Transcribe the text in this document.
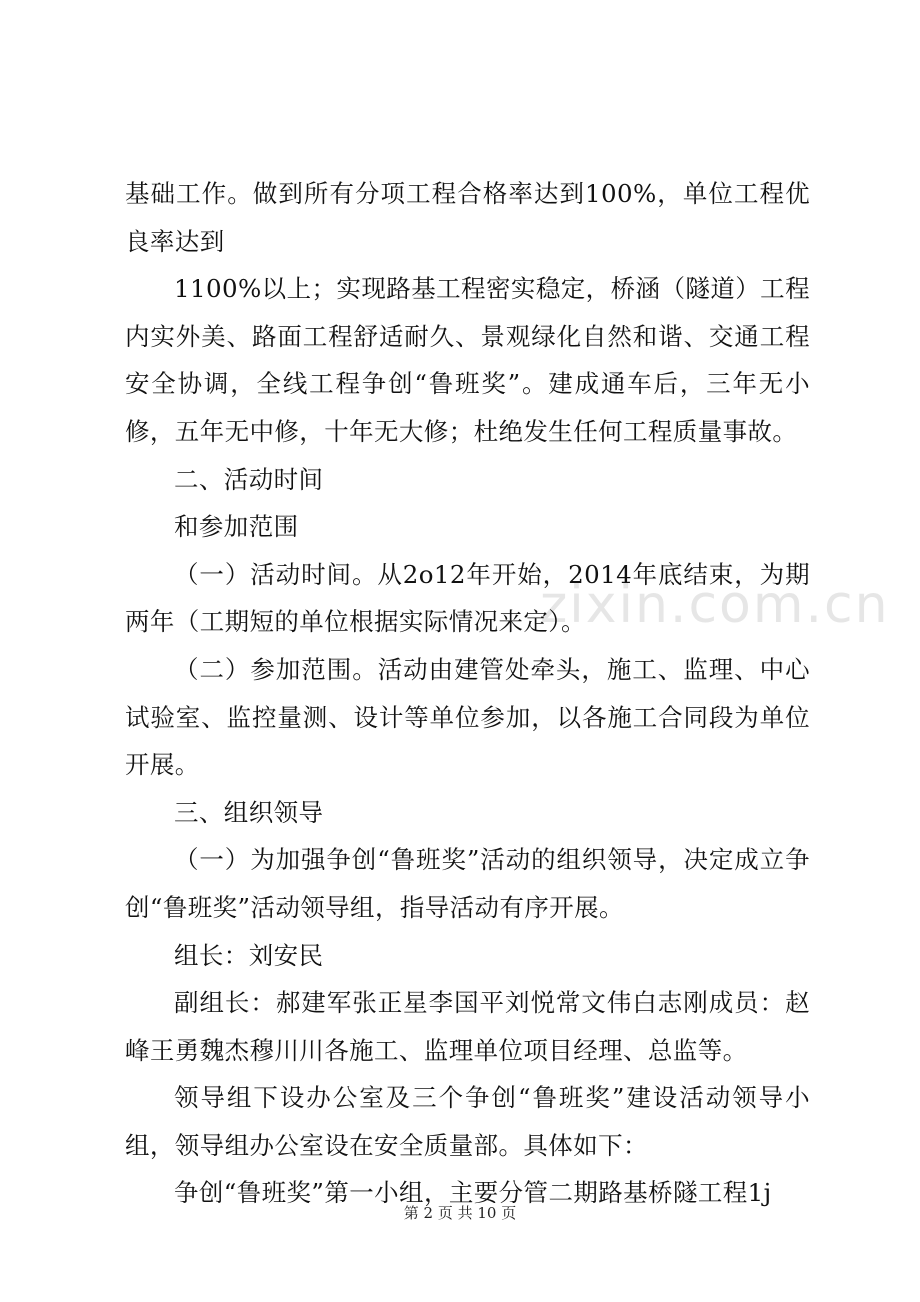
zixin.com.cn

基础工作。做到所有分项工程合格率达到100%，单位工程优良率达到

1100%以上；实现路基工程密实稳定，桥涵（隧道）工程内实外美、路面工程舒适耐久、景观绿化自然和谐、交通工程安全协调，全线工程争创“鲁班奖”。建成通车后，三年无小修，五年无中修，十年无大修；杜绝发生任何工程质量事故。

二、活动时间

和参加范围

（一）活动时间。从2o12年开始，2014年底结束，为期两年（工期短的单位根据实际情况来定）。

（二）参加范围。活动由建管处牵头，施工、监理、中心试验室、监控量测、设计等单位参加，以各施工合同段为单位开展。

三、组织领导

（一）为加强争创“鲁班奖”活动的组织领导，决定成立争创“鲁班奖”活动领导组，指导活动有序开展。

组长：刘安民

副组长：郝建军张正星李国平刘悦常文伟白志刚成员：赵峰王勇魏杰穆川川各施工、监理单位项目经理、总监等。

领导组下设办公室及三个争创“鲁班奖”建设活动领导小组，领导组办公室设在安全质量部。具体如下：

争创“鲁班奖”第一小组，主要分管二期路基桥隧工程1j

第 2 页 共 10 页
